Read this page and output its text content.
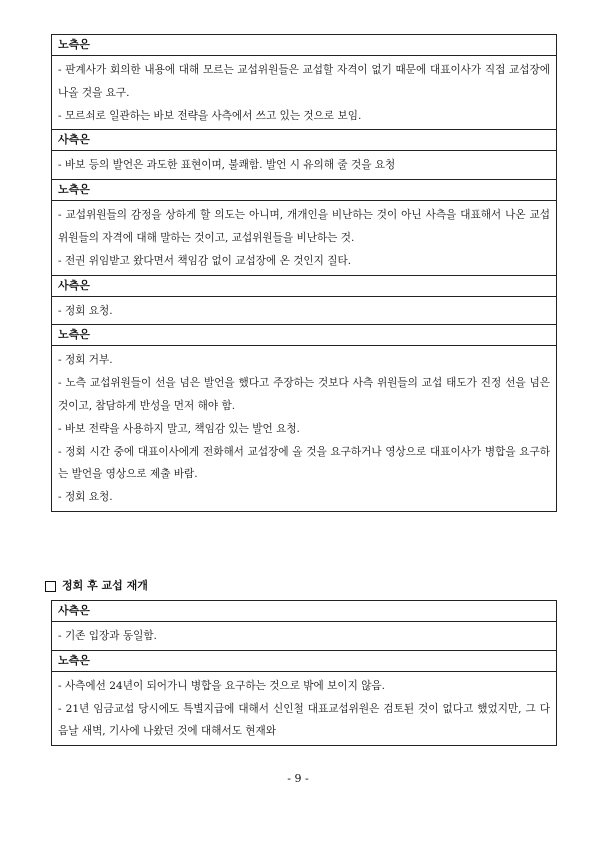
노측은

- 판계사가 회의한 내용에 대해 모르는 교섭위원들은 교섭할 자격이 없기 때문에 대표이사가 직접 교섭장에 나올 것을 요구.
- 모르쇠로 일관하는 바보 전략을 사측에서 쓰고 있는 것으로 보임.

사측은

- 바보 등의 발언은 과도한 표현이며, 불쾌함. 발언 시 유의해 줄 것을 요청

노측은

- 교섭위원들의 감정을 상하게 할 의도는 아니며, 개개인을 비난하는 것이 아닌 사측을 대표해서 나온 교섭위원들의 자격에 대해 말하는 것이고, 교섭위원들을 비난하는 것.
- 전권 위임받고 왔다면서 책임감 없이 교섭장에 온 것인지 질타.

사측은

- 정회 요청.

노측은

- 정회 거부.
- 노측 교섭위원들이 선을 넘은 발언을 했다고 주장하는 것보다 사측 위원들의 교섭 태도가 진정 선을 넘은 것이고, 참담하게 반성을 먼저 해야 함.
- 바보 전략을 사용하지 말고, 책임감 있는 발언 요청.
- 정회 시간 중에 대표이사에게 전화해서 교섭장에 올 것을 요구하거나 영상으로 대표이사가 병합을 요구하는 발언을 영상으로 제출 바람.
- 정회 요청.
정회 후 교섭 재개
사측은

- 기존 입장과 동일함.

노측은

- 사측에선 24년이 되어가니 병합을 요구하는 것으로 밖에 보이지 않음.
- 21년 임금교섭 당시에도 특별지급에 대해서 신인철 대표교섭위원은 검토된 것이 없다고 했었지만, 그 다음날 새벽, 기사에 나왔던 것에 대해서도 현재와
- 9 -
